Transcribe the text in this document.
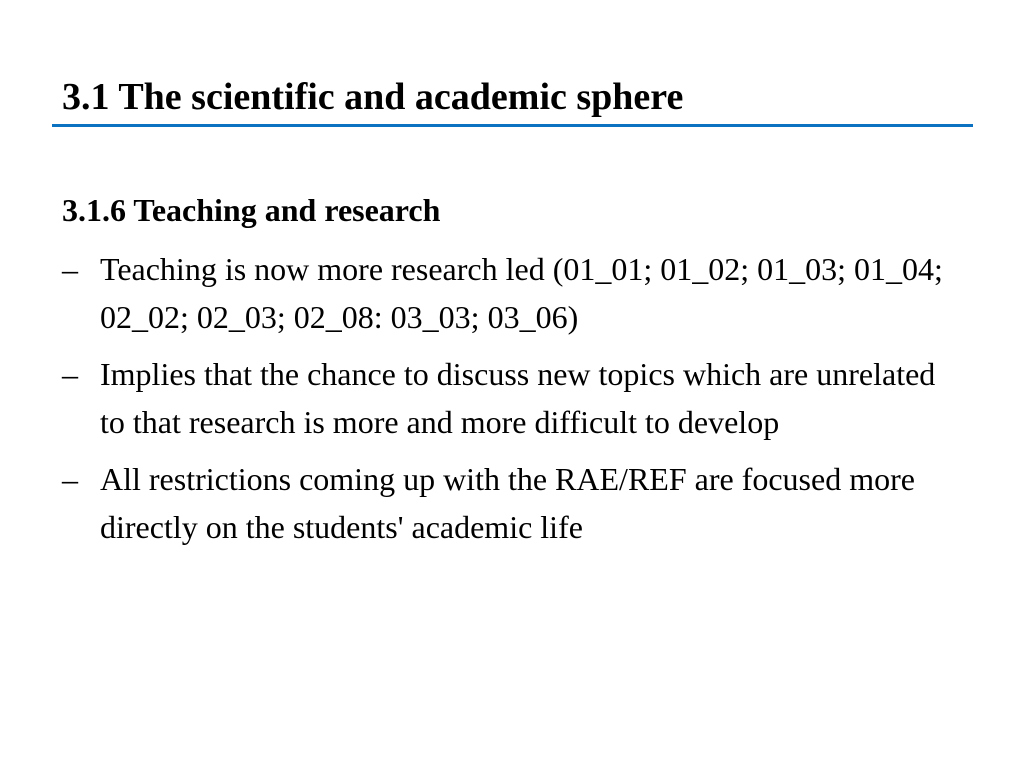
3.1 The scientific and academic sphere
3.1.6 Teaching and research
– Teaching is now more research led (01_01; 01_02; 01_03; 01_04; 02_02; 02_03; 02_08: 03_03; 03_06)
– Implies that the chance to discuss new topics which are unrelated to that research is more and more difficult to develop
– All restrictions coming up with the RAE/REF are focused more directly on the students' academic life
